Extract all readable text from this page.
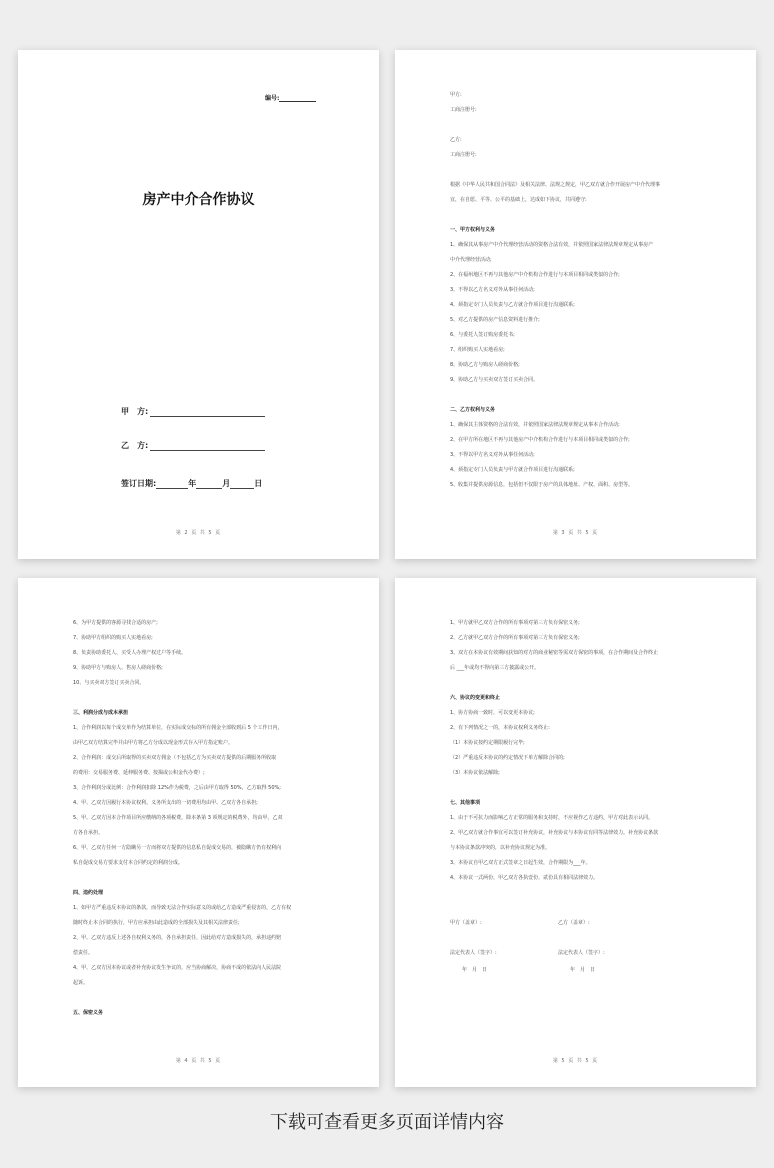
编号:
房产中介合作协议
甲　方:
乙　方:
签订日期:	年	月	日
第 2 页 共 5 页
甲方:
工商注册号:
乙方:
工商注册号:
根据《中华人民共和国合同法》及相关法律、法规之规定，甲乙双方就合作开展房产中介代理事
宜，在自愿、平等、公平的基础上，达成如下协议，共同遵守:
一、甲方权利与义务
1、确保其从事房产中介代理经营活动的资格合法有效，并依照国家法律法规章规定从事房产
中介代理经营活动;
2、在福州地区不再与其他房产中介机构合作进行与本项目相同或类似的合作;
3、不得以乙方名义对外从事任何活动;
4、须指定专门人员负责与乙方就合作项目进行沟通联系;
5、对乙方提供的房产信息资料进行推介;
6、与委托人签订购房委托书;
7、组织购买人实地看房;
8、协助乙方与购房人磋商价格;
9、协助乙方与买卖双方签订买卖合同。
二、乙方权利与义务
1、确保其主体资格的合法有效，并依照国家法律法规章规定从事本合作活动;
2、在甲方所在地区不再与其他房产中介机构合作进行与本项目相同或类似的合作;
3、不得以甲方名义对外从事任何活动;
4、须指定专门人员负责与甲方就合作项目进行沟通联系;
5、收集并提供房源信息，包括但不仅限于房产的具体地址、产权、面积、房型等。
第 3 页 共 5 页
6、为甲方提供的客源寻找合适的房产;
7、协助甲方组织的购买人实地看房;
8、负责协助委托人、买受人办理产权过户等手续。
9、协助甲方与购房人、售房人磋商价格;
10、与买卖双方签订买卖合同。
三、利润分成与成本承担
1、合作利润以每个成交单作为结算单位，在实际成交标的所有佣金全部收到后 5 个工作日内，
由甲乙双方结算完毕并由甲方将乙方分成以现金形式存入甲方指定账户。
2、合作利润：成交后所取得的买卖双方佣金（不包括乙方为买卖双方提供的后期服务所收取
的费用：交易服务费、延伸服务费、按揭或公积金代办费）;
3、合作利润分成比例：合作利润扣除 12%作为税费，之后由甲方取得 50%，乙方取得 50%;
4、甲、乙双方因履行本协议权利、义务所支出的一切费用均由甲、乙双方各自承担;
5、甲、乙双方因本合作项目所应缴纳的各项税费，除本条第 3 项规定的税费外，均由甲、乙双
方各自承担。
6、甲、乙双方任何一方隐瞒另一方而将双方提供的信息私自促成交易的，被隐瞒方仍有权利向
私自促成交易方要求支付本合同约定的利润分成。
四、违约处理
1、如甲方严重违反本协议的条款，而导致无法合作实际意义的或给乙方造成严重侵害的，乙方有权
随时终止本合同的执行，甲方应承担由此造成的全部损失及其相关法律责任;
2、甲、乙双方违反上述各自权利义务的，各自承担责任，因此给对方造成损失的，承担违约赔
偿责任。
4、甲、乙双方因本协议或者补充协议发生争议的，应当协商解决，协商不成的依法向人民法院
起诉。
五、保密义务
第 4 页 共 5 页
1、甲方就甲乙双方合作的所有事项对第三方负有保密义务;
2、乙方就甲乙双方合作的所有事项对第三方负有保密义务;
3、双方在本协议有效期间获知的对方的商业秘密等需双方保密的事项，在合作期间及合作终止
后 ___年或均不得向第三方披露或公开。
六、协议的变更和终止
1、协方协商一致时，可以变更本协议;
2、有下列情况之一的，本协议权利义务终止:
（1）本协议按约定期限履行完毕;
（2）严重违反本协议的约定情况下单方解除合同的;
（3）本协议依法解除;
七、其他事项
1、由于不可抗力而影响乙方正常的服务和支持时，不应视作乙方违约，甲方对此表示认同。
2、甲乙双方就合作事宜可以签订补充协议，补充协议与本协议有同等法律效力。补充协议条款
与本协议条款冲突的，以补充协议规定为准。
3、本协议自甲乙双方正式签章之日起生效，合作期限为___年。
4、本协议一式两份，甲乙双方各执壹份，贰份具有相同法律效力。
甲方（盖章）:	乙方（盖章）:
法定代表人（签字）:	法定代表人（签字）:
年　月　日	年　月　日
第 5 页 共 5 页
下载可查看更多页面详情内容
